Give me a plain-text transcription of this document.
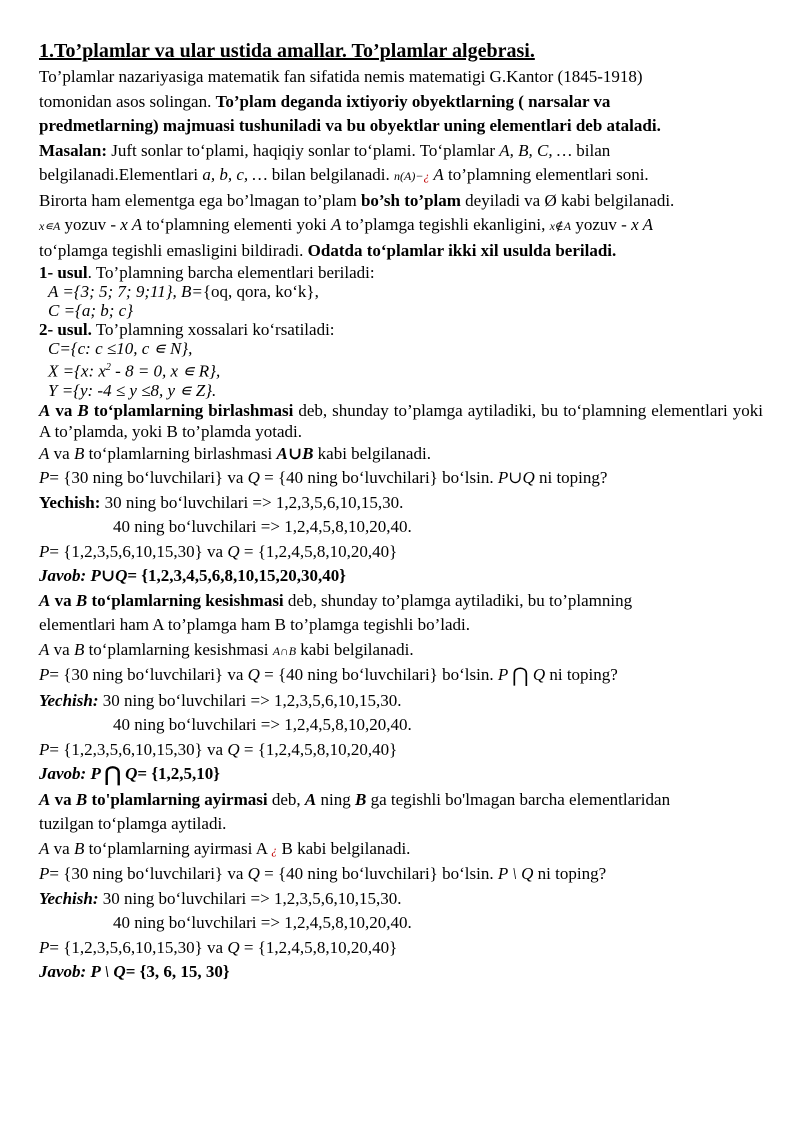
1.To’plamlar va ular ustida amallar. To’plamlar algebrasi.
To’plamlar nazariyasiga matematik fan sifatida nemis matematigi G.Kantor (1845-1918)
tomonidan asos solingan. To’plam deganda ixtiyoriy obyektlarning ( narsalar va
predmetlarning) majmuasi tushuniladi va bu obyektlar uning elementlari deb ataladi.
Masalan: Juft sonlar to‘plami, haqiqiy sonlar to‘plami. To‘plamlar A, B, C, … bilan
belgilanadi.Elementlari a, b, c, … bilan belgilanadi. n(A)−¿ A to’plamning elementlari soni.
Birorta ham elementga ega bo’lmagan to’plam bo’sh to’plam deyiladi va Ø kabi belgilanadi.
x∊A yozuv - x A to‘plamning elementi yoki A to’plamga tegishli ekanligini, x∉A yozuv - x A
to‘plamga tegishli emasligini bildiradi. Odatda to‘plamlar ikki xil usulda beriladi.
1- usul. To’plamning barcha elementlari beriladi:
A ={3; 5; 7; 9;11}, B={oq, qora, ko‘k},
C ={a; b; c}
2- usul. To’plamning xossalari ko‘rsatiladi:
C={c: c ≤10, c ∊ N},
X ={x: $x^2 - 8 = 0$, x ∊ R},
Y ={y: -4 ≤ y ≤8, y ∊ Z}.
A va B to‘plamlarning birlashmasi deb, shunday to’plamga aytiladiki, bu to‘plamning elementlari yoki A to’plamda, yoki B to’plamda yotadi.
A va B to‘plamlarning birlashmasi A∪B kabi belgilanadi.
P= {30 ning bo‘luvchilari} va Q = {40 ning bo‘luvchilari} bo‘lsin. P∪Q ni toping?
Yechish: 30 ning bo‘luvchilari => 1,2,3,5,6,10,15,30.
40 ning bo‘luvchilari => 1,2,4,5,8,10,20,40.
P= {1,2,3,5,6,10,15,30} va Q = {1,2,4,5,8,10,20,40}
Javob: P∪Q= {1,2,3,4,5,6,8,10,15,20,30,40}
A va B to‘plamlarning kesishmasi deb, shunday to’plamga aytiladiki, bu to’plamning
elementlari ham A to’plamga ham B to’plamga tegishli bo’ladi.
A va B to‘plamlarning kesishmasi A∩B kabi belgilanadi.
P= {30 ning bo‘luvchilari} va Q = {40 ning bo‘luvchilari} bo‘lsin. P ⋂ Q ni toping?
Yechish: 30 ning bo‘luvchilari => 1,2,3,5,6,10,15,30.
40 ning bo‘luvchilari => 1,2,4,5,8,10,20,40.
P= {1,2,3,5,6,10,15,30} va Q = {1,2,4,5,8,10,20,40}
Javob: P ⋂ Q= {1,2,5,10}
A va B to'plamlarning ayirmasi deb, A ning B ga tegishli bo'lmagan barcha elementlaridan
tuzilgan to‘plamga aytiladi.
A va B to‘plamlarning ayirmasi A ¿ B kabi belgilanadi.
P= {30 ning bo‘luvchilari} va Q = {40 ning bo‘luvchilari} bo‘lsin. P \ Q ni toping?
Yechish: 30 ning bo‘luvchilari => 1,2,3,5,6,10,15,30.
40 ning bo‘luvchilari => 1,2,4,5,8,10,20,40.
P= {1,2,3,5,6,10,15,30} va Q = {1,2,4,5,8,10,20,40}
Javob: P \ Q= {3, 6, 15, 30}
